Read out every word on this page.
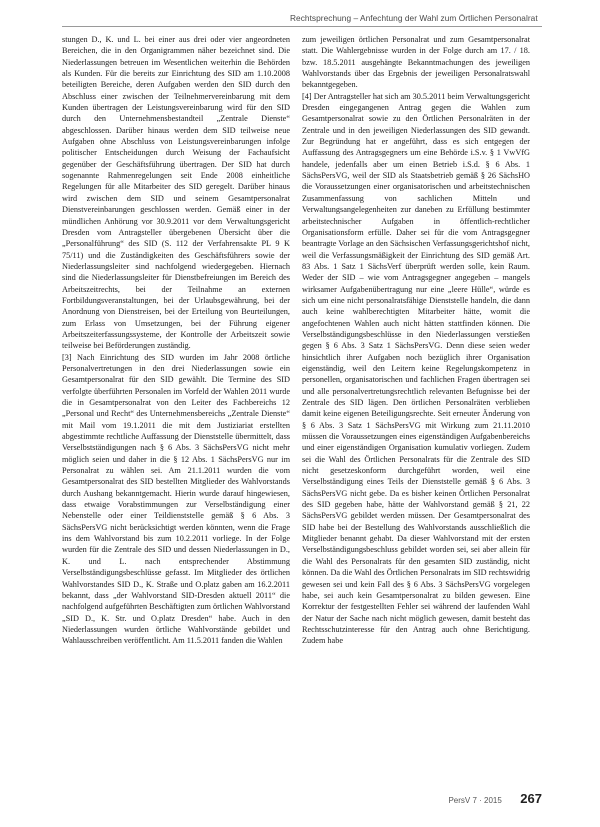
Rechtsprechung – Anfechtung der Wahl zum Örtlichen Personalrat

stungen D., K. und L. bei einer aus drei oder vier angeordneten Bereichen, die in den Organigrammen näher bezeichnet sind. Die Niederlassungen betreuen im Wesentlichen weiterhin die Behörden als Kunden. Für die bereits zur Einrichtung des SID am 1.10.2008 beteiligten Bereiche, deren Aufgaben werden den SID durch den Abschluss einer zwischen der Teilnehmervereinbarung mit dem Kunden übertragen der Leistungsvereinbarung wird für den SID durch den Unternehmensbestandteil „Zentrale Dienste“ abgeschlossen. Darüber hinaus werden dem SID teilweise neue Aufgaben ohne Abschluss von Leistungsvereinbarungen infolge politischer Entscheidungen durch Weisung der Fachaufsicht gegenüber der Geschäftsführung übertragen. Der SID hat durch sogenannte Rahmenregelungen seit Ende 2008 einheitliche Regelungen für alle Mitarbeiter des SID geregelt. Darüber hinaus wird zwischen dem SID und seinem Gesamtpersonalrat Dienstvereinbarungen geschlossen werden. Gemäß einer in der mündlichen Anhörung vor 30.9.2011 vor dem Verwaltungsgericht Dresden vom Antragsteller übergebenen Übersicht über die „Personalführung“ des SID (S. 112 der Verfahrensakte PL 9 K 75/11) und die Zuständigkeiten des Geschäftsführers sowie der Niederlassungsleiter sind nachfolgend wiedergegeben. Hiernach sind die Niederlassungsleiter für Dienstbefreiungen im Bereich des Arbeitszeitrechts, bei der Teilnahme an externen Fortbildungsveranstaltungen, bei der Urlaubsgewährung, bei der Anordnung von Dienstreisen, bei der Erteilung von Beurteilungen, zum Erlass von Umsetzungen, bei der Führung eigener Arbeitszeiterfassungssysteme, der Kontrolle der Arbeitszeit sowie teilweise bei Beförderungen zuständig.

[3] Nach Einrichtung des SID wurden im Jahr 2008 örtliche Personalvertretungen in den drei Niederlassungen sowie ein Gesamtpersonalrat für den SID gewählt. Die Termine des SID verfolgte überführten Personalen im Vorfeld der Wahlen 2011 wurde die in Gesamtpersonalrat von den Leiter des Fachbereichs 12 „Personal und Recht“ des Unternehmensbereichs „Zentrale Dienste“ mit Mail vom 19.1.2011 die mit dem Justiziariat erstellten abgestimmte rechtliche Auffassung der Dienststelle übermittelt, dass Verselbstständigungen nach § 6 Abs. 3 SächsPersVG nicht mehr möglich seien und daher in die § 12 Abs. 1 SächsPersVG nur im Personalrat zu wählen sei. Am 21.1.2011 wurden die vom Gesamtpersonalrat des SID bestellten Mitglieder des Wahlvorstands durch Aushang bekanntgemacht. Hierin wurde darauf hingewiesen, dass etwaige Vorabstimmungen zur Verselbständigung einer Nebenstelle oder einer Teildienststelle gemäß § 6 Abs. 3 SächsPersVG nicht berücksichtigt werden könnten, wenn die Frage ins dem Wahlvorstand bis zum 10.2.2011 vorliege. In der Folge wurden für die Zentrale des SID und dessen Niederlassungen in D., K. und L. nach entsprechender Abstimmung Verselbständigungsbeschlüsse gefasst. Im Mitglieder des örtlichen Wahlvorstandes SID D., K. Straße und O.platz gaben am 16.2.2011 bekannt, dass „der Wahlvorstand SID-Dresden aktuell 2011“ die nachfolgend aufgeführten Beschäftigten zum örtlichen Wahlvorstand „SID D., K. Str. und O.platz Dresden“ habe. Auch in den Niederlassungen wurden örtliche Wahlvorstände gebildet und Wahlausschreiben veröffentlicht. Am 11.5.2011 fanden die Wahlen

zum jeweiligen örtlichen Personalrat und zum Gesamtpersonalrat statt. Die Wahlergebnisse wurden in der Folge durch am 17. / 18. bzw. 18.5.2011 ausgehängte Bekanntmachungen des jeweiligen Wahlvorstands über das Ergebnis der jeweiligen Personalratswahl bekanntgegeben.

[4] Der Antragsteller hat sich am 30.5.2011 beim Verwaltungsgericht Dresden eingegangenen Antrag gegen die Wahlen zum Gesamtpersonalrat sowie zu den Örtlichen Personalräten in der Zentrale und in den jeweiligen Niederlassungen des SID gewandt. Zur Begründung hat er angeführt, dass es sich entgegen der Auffassung des Antragsgegners um eine Behörde i.S.v. § 1 VwVfG handele, jedenfalls aber um einen Betrieb i.S.d. § 6 Abs. 1 SächsPersVG, weil der SID als Staatsbetrieb gemäß § 26 SächsHO die Voraussetzungen einer organisatorischen und arbeitstechnischen Zusammenfassung von sachlichen Mitteln und Verwaltungsangelegenheiten zur daneben zu Erfüllung bestimmter arbeitstechnischer Aufgaben in öffentlich-rechtlicher Organisationsform erfülle. Daher sei für die vom Antragsgegner beantragte Vorlage an den Sächsischen Verfassungsgerichtshof nicht, weil die Verfassungsmäßigkeit der Einrichtung des SID gemäß Art. 83 Abs. 1 Satz 1 SächsVerf überprüft werden solle, kein Raum. Weder der SID – wie vom Antragsgegner angegeben – mangels wirksamer Aufgabenübertragung nur eine „leere Hülle“, würde es sich um eine nicht personalratsfähige Dienststelle handeln, die dann auch keine wahlberechtigten Mitarbeiter hätte, womit die angefochtenen Wahlen auch nicht hätten stattfinden können. Die Verselbständigungsbeschlüsse in den Niederlassungen verstießen gegen § 6 Abs. 3 Satz 1 SächsPersVG. Denn diese seien weder hinsichtlich ihrer Aufgaben noch bezüglich ihrer Organisation eigenständig, weil den Leitern keine Regelungskompetenz in personellen, organisatorischen und fachlichen Fragen übertragen sei und alle personalvertretungsrechtlich relevanten Befugnisse bei der Zentrale des SID lägen. Den örtlichen Personalräten verblieben damit keine eigenen Beteiligungsrechte. Seit erneuter Änderung von § 6 Abs. 3 Satz 1 SächsPersVG mit Wirkung zum 21.11.2010 müssen die Voraussetzungen eines eigenständigen Aufgabenbereichs und einer eigenständigen Organisation kumulativ vorliegen. Zudem sei die Wahl des Örtlichen Personalrats für die Zentrale des SID nicht gesetzeskonform durchgeführt worden, weil eine Verselbständigung eines Teils der Dienststelle gemäß § 6 Abs. 3 SächsPersVG nicht gebe. Da es bisher keinen Örtlichen Personalrat des SID gegeben habe, hätte der Wahlvorstand gemäß § 21, 22 SächsPersVG gebildet werden müssen. Der Gesamtpersonalrat des SID habe bei der Bestellung des Wahlvorstands ausschließlich die Mitglieder benannt gehabt. Da dieser Wahlvorstand mit der ersten Verselbständigungsbeschluss gebildet worden sei, sei aber allein für die Wahl des Personalrats für den gesamten SID zuständig, nicht können. Da die Wahl des Örtlichen Personalrats im SID rechtswidrig gewesen sei und kein Fall des § 6 Abs. 3 SächsPersVG vorgelegen habe, sei auch kein Gesamtpersonalrat zu bilden gewesen. Eine Korrektur der festgestellten Fehler sei während der laufenden Wahl der Natur der Sache nach nicht möglich gewesen, damit besteht das Rechtsschutzinteresse für den Antrag auch ohne Berichtigung. Zudem habe

PersV 7 · 2015 267
